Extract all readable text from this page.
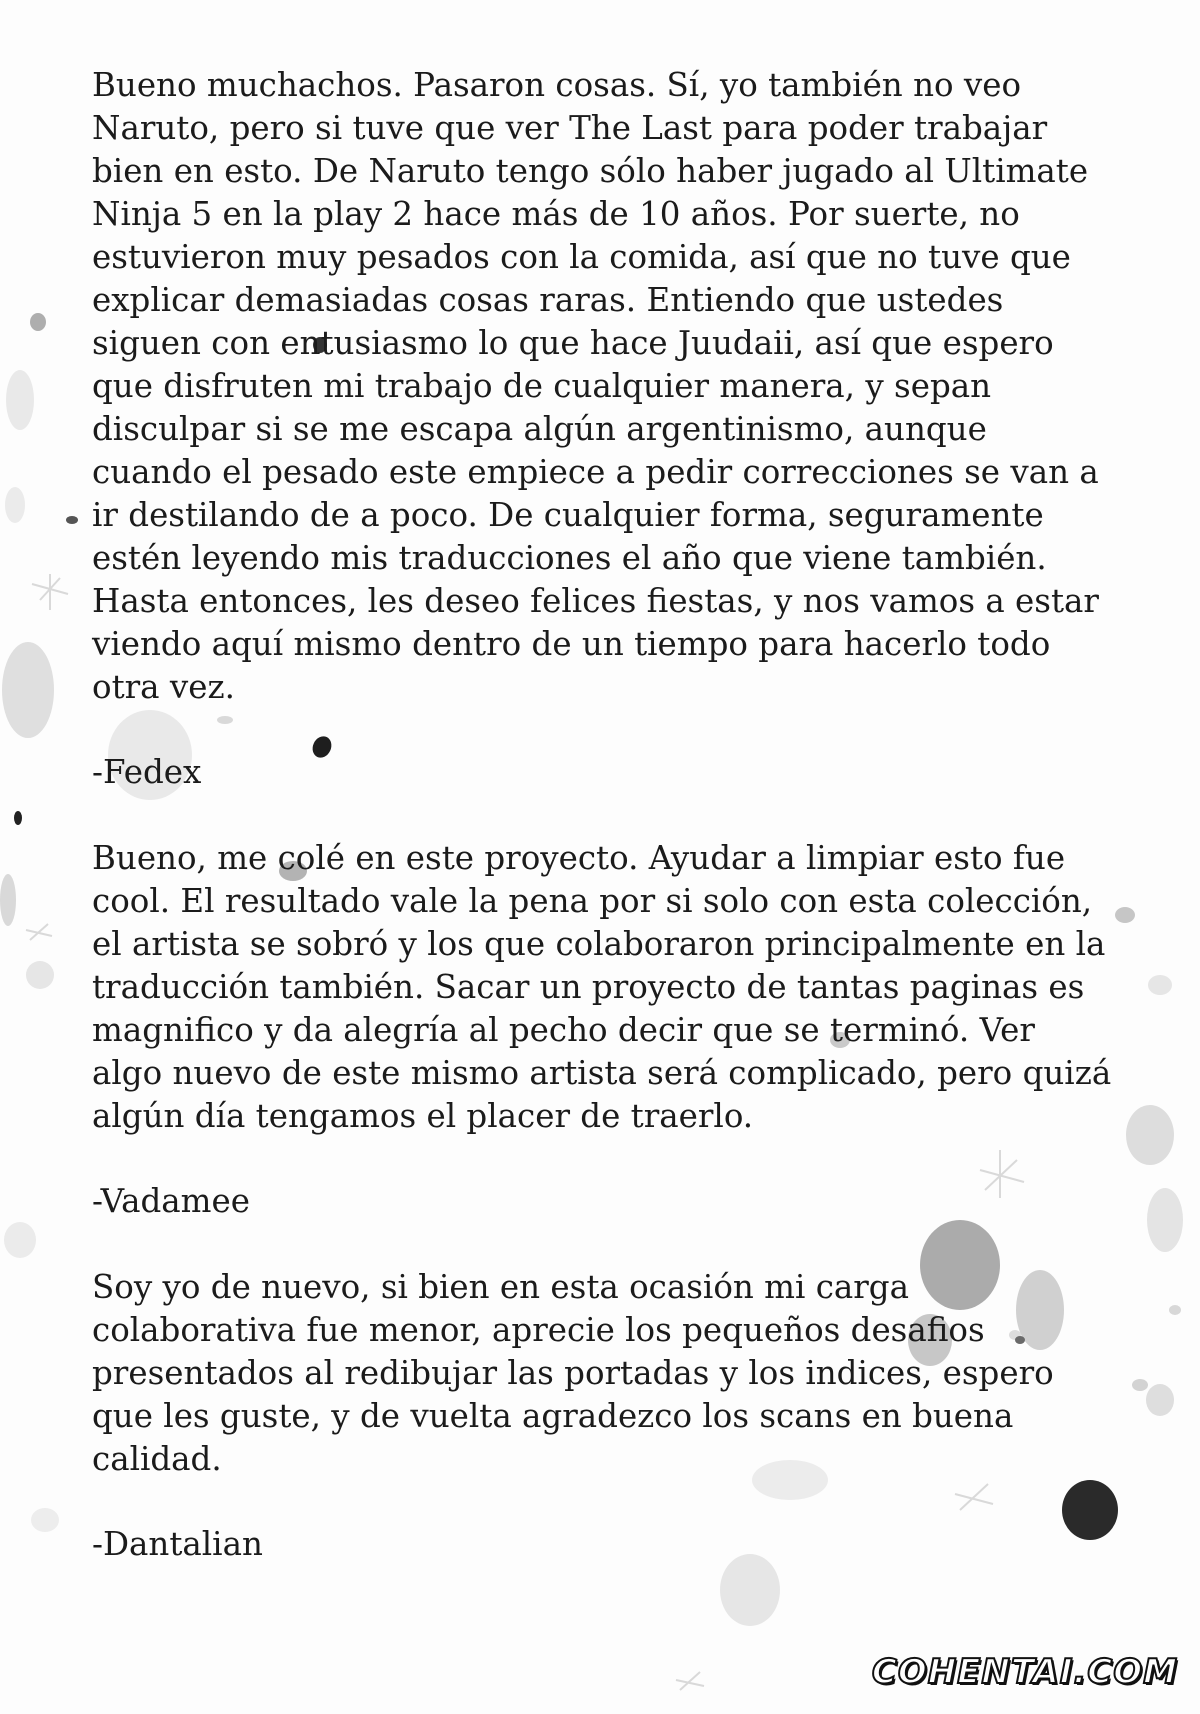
Bueno muchachos. Pasaron cosas. Sí, yo también no veo
Naruto, pero si tuve que ver The Last para poder trabajar
bien en esto. De Naruto tengo sólo haber jugado al Ultimate
Ninja 5 en la play 2 hace más de 10 años. Por suerte, no
estuvieron muy pesados con la comida, así que no tuve que
explicar demasiadas cosas raras. Entiendo que ustedes
siguen con entusiasmo lo que hace Juudaii, así que espero
que disfruten mi trabajo de cualquier manera, y sepan
disculpar si se me escapa algún argentinismo, aunque
cuando el pesado este empiece a pedir correcciones se van a
ir destilando de a poco. De cualquier forma, seguramente
estén leyendo mis traducciones el año que viene también.
Hasta entonces, les deseo felices fiestas, y nos vamos a estar
viendo aquí mismo dentro de un tiempo para hacerlo todo
otra vez.

-Fedex

Bueno, me colé en este proyecto. Ayudar a limpiar esto fue
cool. El resultado vale la pena por si solo con esta colección,
el artista se sobró y los que colaboraron principalmente en la
traducción también. Sacar un proyecto de tantas paginas es
magnifico y da alegría al pecho decir que se terminó. Ver
algo nuevo de este mismo artista será complicado, pero quizá
algún día tengamos el placer de traerlo.

-Vadamee

Soy yo de nuevo, si bien en esta ocasión mi carga
colaborativa fue menor, aprecie los pequeños desafios
presentados al redibujar las portadas y los indices, espero
que les guste, y de vuelta agradezco los scans en buena
calidad.

-Dantalian

COHENTAI.COM
